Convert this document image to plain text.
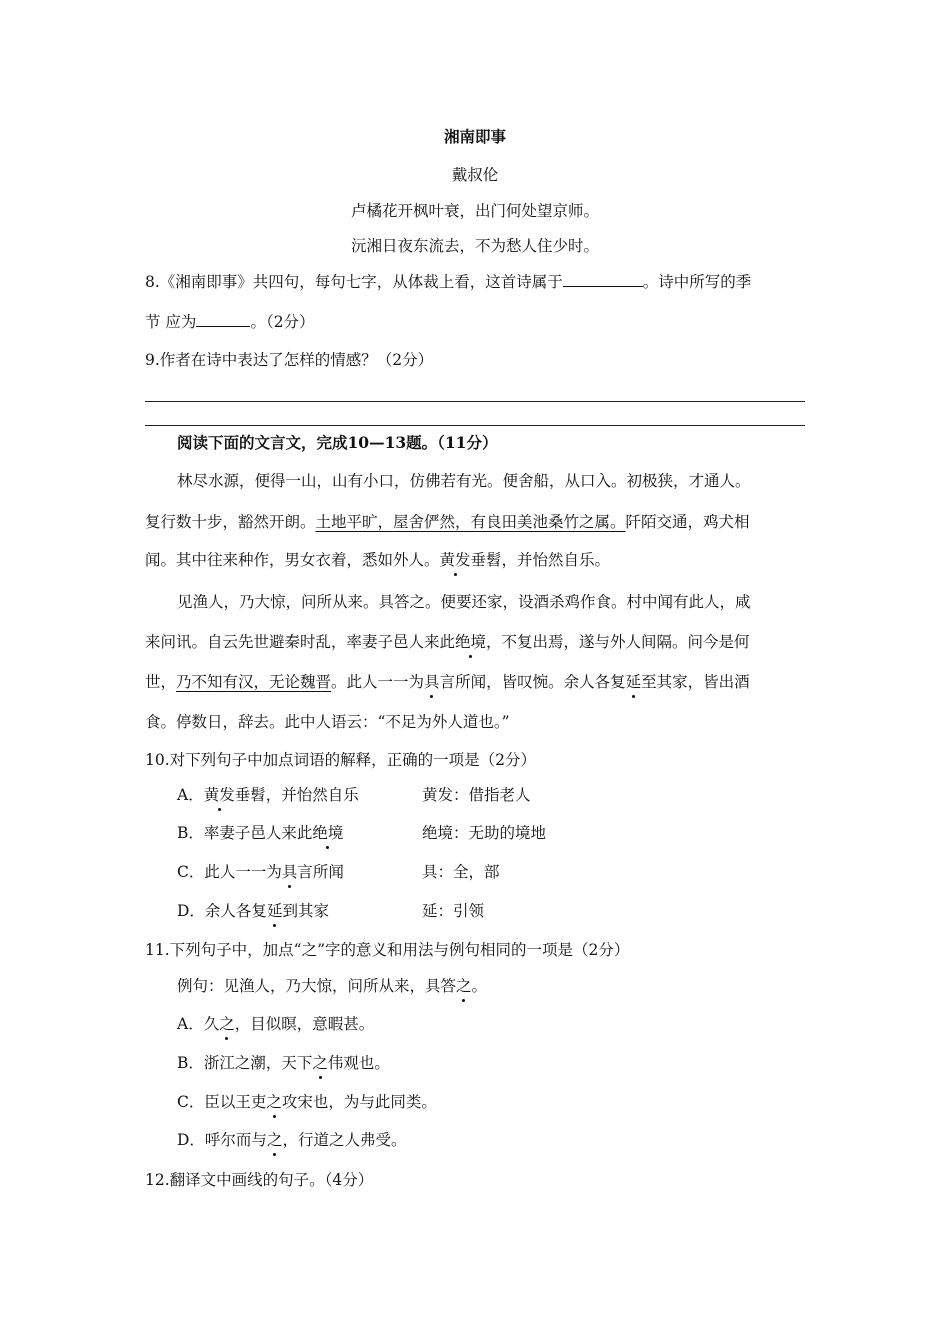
湘南即事
戴叔伦
卢橘花开枫叶衰，出门何处望京师。
沅湘日夜东流去，不为愁人住少时。
8.《湘南即事》共四句，每句七字，从体裁上看，这首诗属于	。诗中所写的季
节 应为	。（2分）
9.作者在诗中表达了怎样的情感？（2分）
阅读下面的文言文，完成10—13题。（11分）
林尽水源，便得一山，山有小口，仿佛若有光。便舍船，从口入。初极狭，才通人。
复行数十步，豁然开朗。土地平旷，屋舍俨然，有良田美池桑竹之属。阡陌交通，鸡犬相
闻。其中往来种作，男女衣着，悉如外人。黄发垂髫，并怡然自乐。
见渔人，乃大惊，问所从来。具答之。便要还家，设酒杀鸡作食。村中闻有此人，咸
来问讯。自云先世避秦时乱，率妻子邑人来此绝境，不复出焉，遂与外人间隔。问今是何
世，乃不知有汉，无论魏晋。此人一一为具言所闻，皆叹惋。余人各复延至其家，皆出酒
食。停数日，辞去。此中人语云：“不足为外人道也。”
10.对下列句子中加点词语的解释，正确的一项是（2分）
A．黄发垂髫，并怡然自乐	黄发：借指老人
B．率妻子邑人来此绝境	绝境：无助的境地
C．此人一一为具言所闻	具：全，部
D．余人各复延到其家	延：引领
11.下列句子中，加点“之”字的意义和用法与例句相同的一项是（2分）
例句：见渔人，乃大惊，问所从来，具答之。
A．久之，目似暝，意暇甚。
B．浙江之潮，天下之伟观也。
C．臣以王吏之攻宋也，为与此同类。
D．呼尔而与之，行道之人弗受。
12.翻译文中画线的句子。（4分）
